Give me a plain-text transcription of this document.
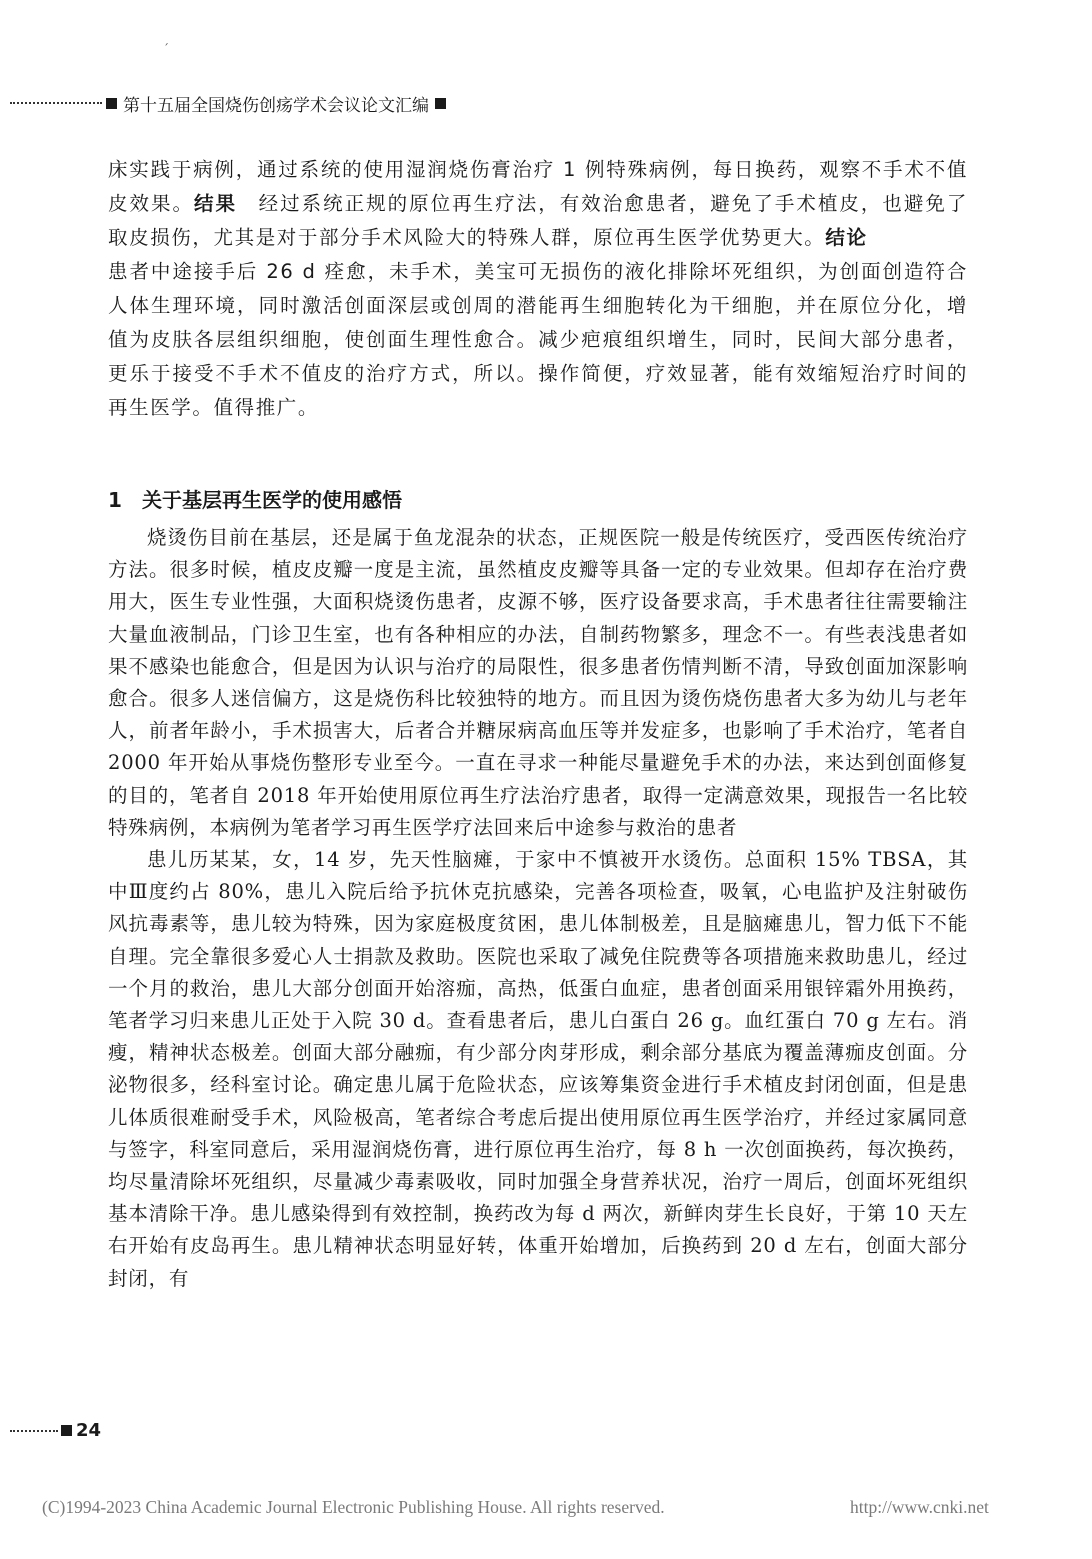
ˊ
第十五届全国烧伤创疡学术会议论文汇编
床实践于病例，通过系统的使用湿润烧伤膏治疗 1 例特殊病例，每日换药，观察不手术不值皮效果。结果　经过系统正规的原位再生疗法，有效治愈患者，避免了手术植皮，也避免了取皮损伤，尤其是对于部分手术风险大的特殊人群，原位再生医学优势更大。结论
患者中途接手后 26 d 痊愈，未手术，美宝可无损伤的液化排除坏死组织，为创面创造符合人体生理环境，同时激活创面深层或创周的潜能再生细胞转化为干细胞，并在原位分化，增值为皮肤各层组织细胞，使创面生理性愈合。减少疤痕组织增生，同时，民间大部分患者，更乐于接受不手术不值皮的治疗方式，所以。操作简便，疗效显著，能有效缩短治疗时间的再生医学。值得推广。
1 关于基层再生医学的使用感悟

烧烫伤目前在基层，还是属于鱼龙混杂的状态，正规医院一般是传统医疗，受西医传统治疗方法。很多时候，植皮皮瓣一度是主流，虽然植皮皮瓣等具备一定的专业效果。但却存在治疗费用大，医生专业性强，大面积烧烫伤患者，皮源不够，医疗设备要求高，手术患者往往需要输注大量血液制品，门诊卫生室，也有各种相应的办法，自制药物繁多，理念不一。有些表浅患者如果不感染也能愈合，但是因为认识与治疗的局限性，很多患者伤情判断不清，导致创面加深影响愈合。很多人迷信偏方，这是烧伤科比较独特的地方。而且因为烫伤烧伤患者大多为幼儿与老年人，前者年龄小，手术损害大，后者合并糖尿病高血压等并发症多，也影响了手术治疗，笔者自 2000 年开始从事烧伤整形专业至今。一直在寻求一种能尽量避免手术的办法，来达到创面修复的目的，笔者自 2018 年开始使用原位再生疗法治疗患者，取得一定满意效果，现报告一名比较特殊病例，本病例为笔者学习再生医学疗法回来后中途参与救治的患者

患儿历某某，女，14 岁，先天性脑瘫，于家中不慎被开水烫伤。总面积 15% TBSA，其中Ⅲ度约占 80%，患儿入院后给予抗休克抗感染，完善各项检查，吸氧，心电监护及注射破伤风抗毒素等，患儿较为特殊，因为家庭极度贫困，患儿体制极差，且是脑瘫患儿，智力低下不能自理。完全靠很多爱心人士捐款及救助。医院也采取了减免住院费等各项措施来救助患儿，经过一个月的救治，患儿大部分创面开始溶痂，高热，低蛋白血症，患者创面采用银锌霜外用换药，笔者学习归来患儿正处于入院 30 d。查看患者后，患儿白蛋白 26 g。血红蛋白 70 g 左右。消瘦，精神状态极差。创面大部分融痂，有少部分肉芽形成，剩余部分基底为覆盖薄痂皮创面。分泌物很多，经科室讨论。确定患儿属于危险状态，应该筹集资金进行手术植皮封闭创面，但是患儿体质很难耐受手术，风险极高，笔者综合考虑后提出使用原位再生医学治疗，并经过家属同意与签字，科室同意后，采用湿润烧伤膏，进行原位再生治疗，每 8 h 一次创面换药，每次换药，均尽量清除坏死组织，尽量减少毒素吸收，同时加强全身营养状况，治疗一周后，创面坏死组织基本清除干净。患儿感染得到有效控制，换药改为每 d 两次，新鲜肉芽生长良好，于第 10 天左右开始有皮岛再生。患儿精神状态明显好转，体重开始增加，后换药到 20 d 左右，创面大部分封闭，有

24
(C)1994-2023 China Academic Journal Electronic Publishing House. All rights reserved.	http://www.cnki.net
